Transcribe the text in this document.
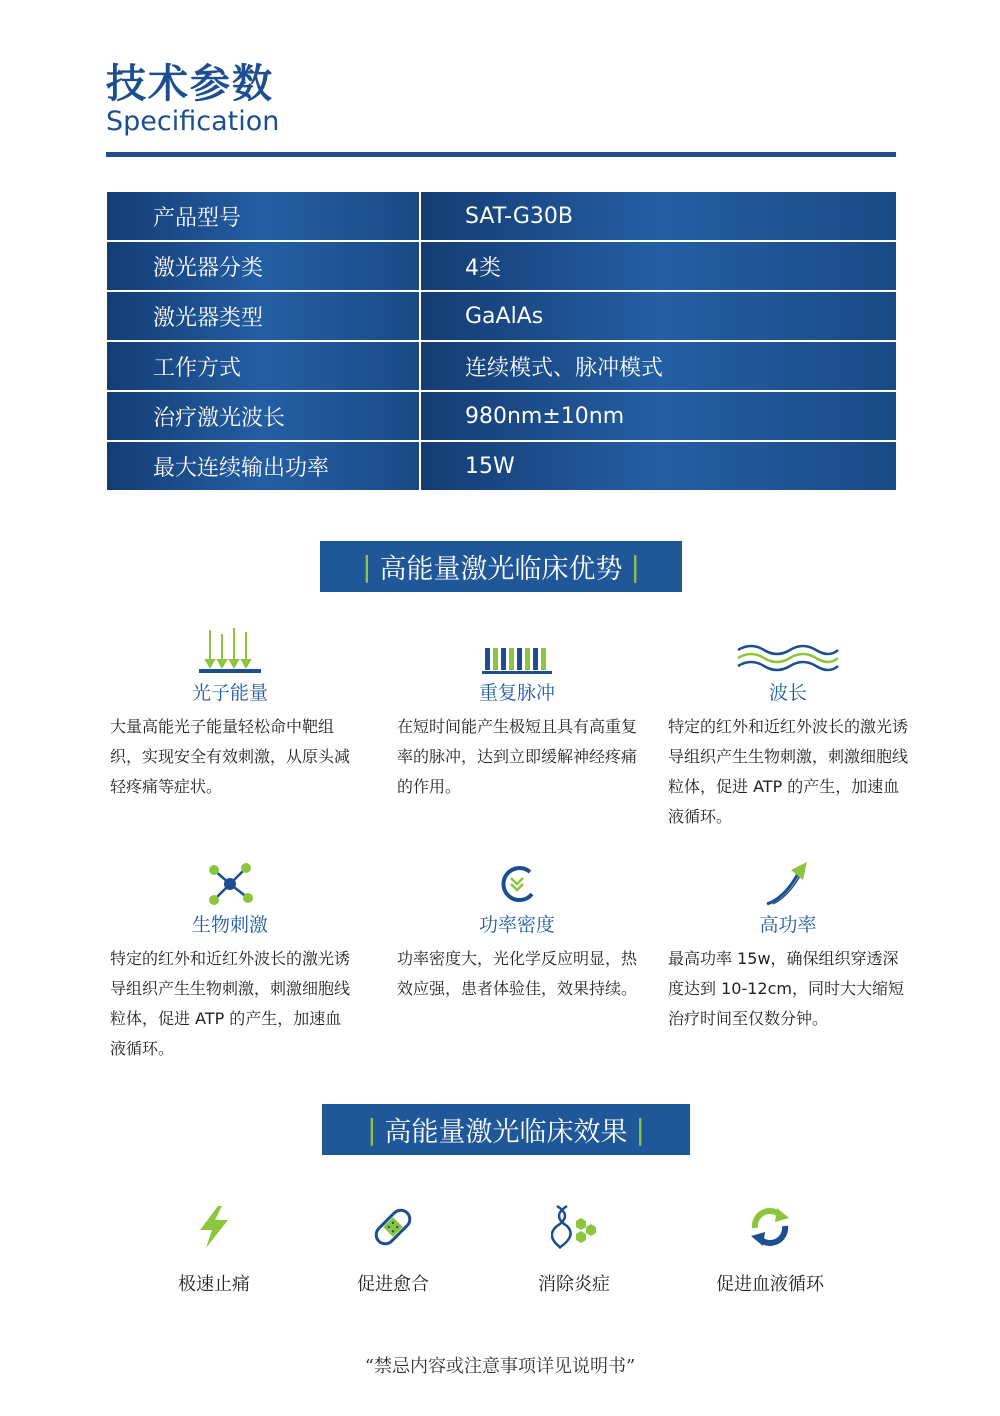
技术参数
Specification
产品型号	SAT-G30B
激光器分类	4类
激光器类型	GaAlAs
工作方式	连续模式、脉冲模式
治疗激光波长	980nm±10nm
最大连续输出功率	15W
| 高能量激光临床优势 |
光子能量
大量高能光子能量轻松命中靶组织，实现安全有效刺激，从原头减轻疼痛等症状。
重复脉冲
在短时间能产生极短且具有高重复率的脉冲，达到立即缓解神经疼痛的作用。
波长
特定的红外和近红外波长的激光诱导组织产生生物刺激，刺激细胞线粒体，促进 ATP 的产生，加速血液循环。
生物刺激
特定的红外和近红外波长的激光诱导组织产生生物刺激，刺激细胞线粒体，促进 ATP 的产生，加速血液循环。
功率密度
功率密度大，光化学反应明显，热效应强，患者体验佳，效果持续。
高功率
最高功率 15w，确保组织穿透深度达到 10-12cm，同时大大缩短治疗时间至仅数分钟。
| 高能量激光临床效果 |
极速止痛	促进愈合	消除炎症	促进血液循环
“禁忌内容或注意事项详见说明书”
